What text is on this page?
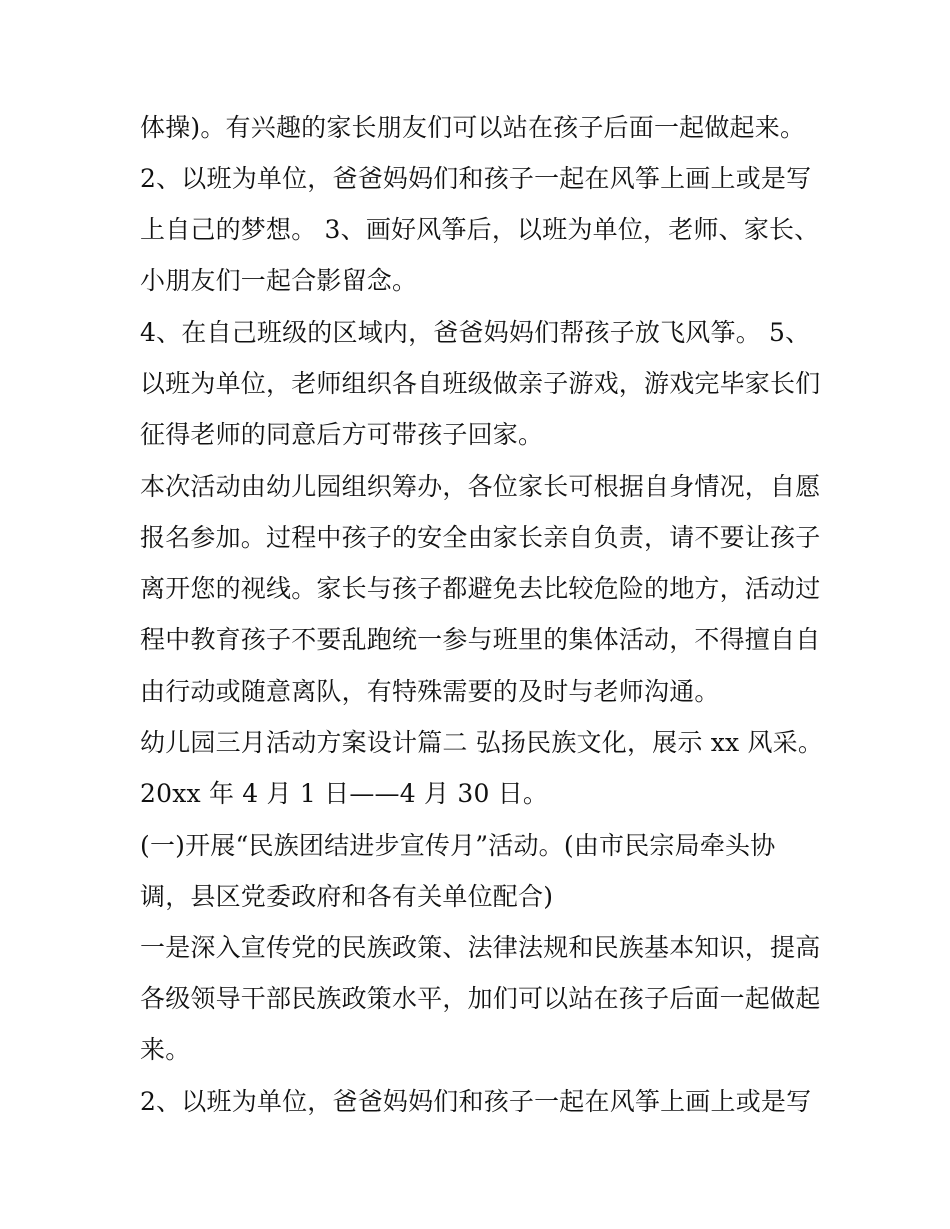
体操)。有兴趣的家长朋友们可以站在孩子后面一起做起来。
2、以班为单位，爸爸妈妈们和孩子一起在风筝上画上或是写
上自己的梦想。 3、画好风筝后，以班为单位，老师、家长、
小朋友们一起合影留念。
4、在自己班级的区域内，爸爸妈妈们帮孩子放飞风筝。 5、
以班为单位，老师组织各自班级做亲子游戏，游戏完毕家长们
征得老师的同意后方可带孩子回家。
本次活动由幼儿园组织筹办，各位家长可根据自身情况，自愿
报名参加。过程中孩子的安全由家长亲自负责，请不要让孩子
离开您的视线。家长与孩子都避免去比较危险的地方，活动过
程中教育孩子不要乱跑统一参与班里的集体活动，不得擅自自
由行动或随意离队，有特殊需要的及时与老师沟通。
幼儿园三月活动方案设计篇二 弘扬民族文化，展示 xx 风采。
20xx 年 4 月 1 日——4 月 30 日。
(一)开展“民族团结进步宣传月”活动。(由市民宗局牵头协
调，县区党委政府和各有关单位配合)
一是深入宣传党的民族政策、法律法规和民族基本知识，提高
各级领导干部民族政策水平，加们可以站在孩子后面一起做起
来。
2、以班为单位，爸爸妈妈们和孩子一起在风筝上画上或是写
